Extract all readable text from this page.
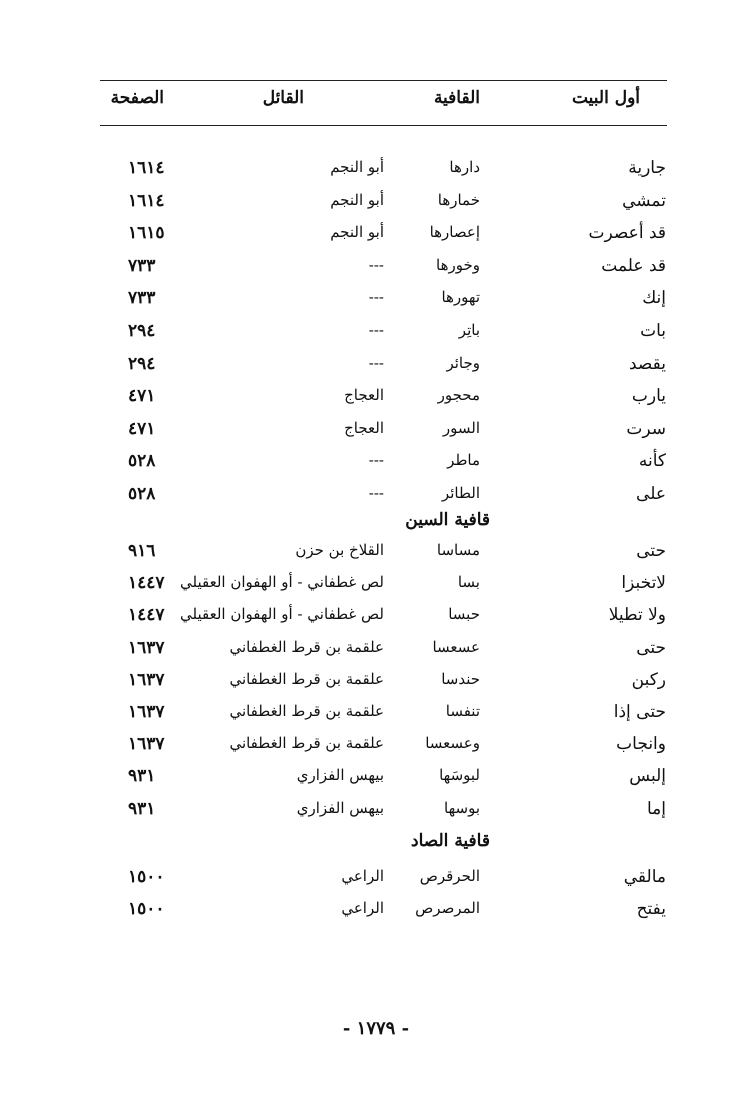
أول البيت
القافية
القائل
الصفحة
جارية
دارها
أبو النجم
١٦١٤
تمشي
خمارها
أبو النجم
١٦١٤
قد أعصرت
إعصارها
أبو النجم
١٦١٥
قد علمت
وخورها
---
٧٣٣
إنك
تهورها
---
٧٣٣
بات
باتِر
---
٢٩٤
يقصد
وجائر
---
٢٩٤
يارب
محجور
العجاج
٤٧١
سرت
السور
العجاج
٤٧١
كأنه
ماطر
---
٥٢٨
على
الطائر
---
٥٢٨
حتى
مساسا
القلاخ بن حزن
٩١٦
لاتخبزا
بسا
لص غطفاني - أو الهفوان العقيلي
١٤٤٧
ولا تطيلا
حبسا
لص غطفاني - أو الهفوان العقيلي
١٤٤٧
حتى
عسعسا
علقمة بن قرط الغطفاني
١٦٣٧
ركبن
حندسا
علقمة بن قرط الغطفاني
١٦٣٧
حتى إذا
تنفسا
علقمة بن قرط الغطفاني
١٦٣٧
وانجاب
وعسعسا
علقمة بن قرط الغطفاني
١٦٣٧
إلبس
لبوسَها
بيهس الفزاري
٩٣١
إما
بوسها
بيهس الفزاري
٩٣١
مالقي
الحرقرص
الراعي
١٥٠٠
يفتح
المرصرص
الراعي
١٥٠٠
قافية السين
قافية الصاد
- ١٧٧٩ -
